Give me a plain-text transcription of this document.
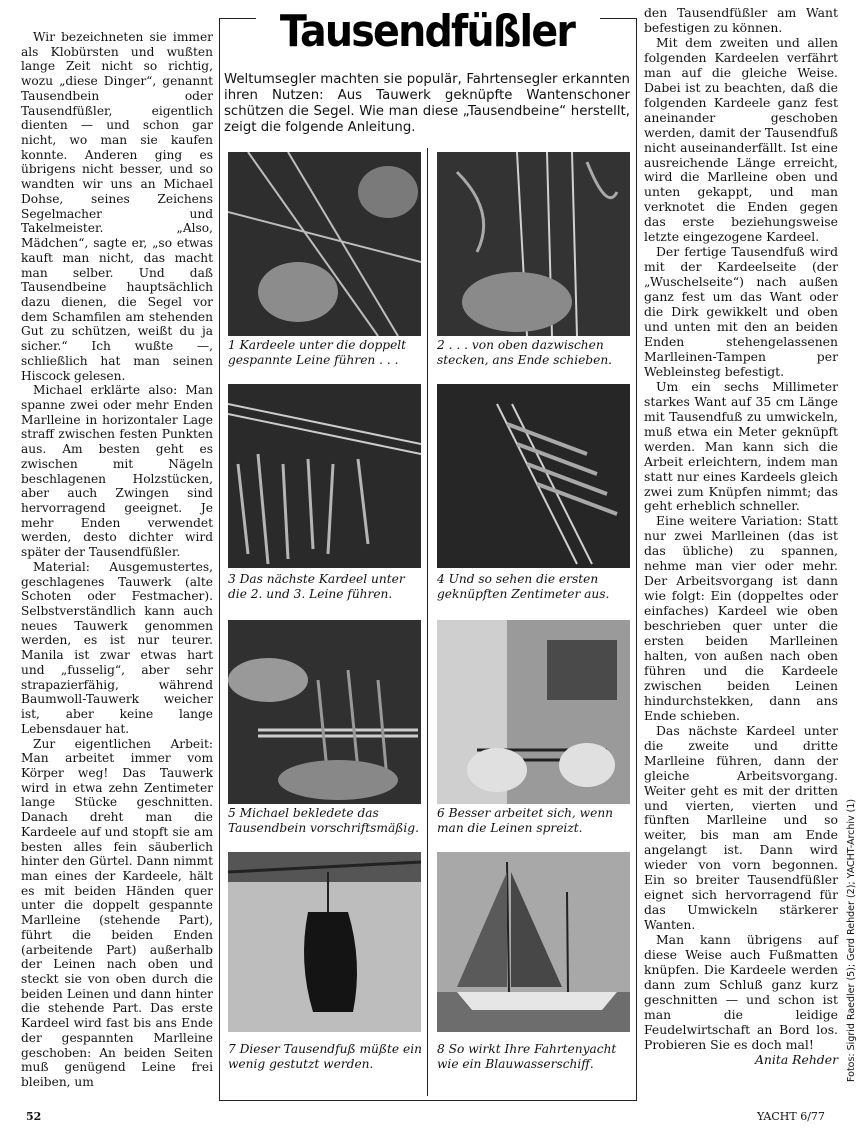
Wir bezeichneten sie immer als Klobürsten und wußten lange Zeit nicht so richtig, wozu „diese Dinger“, genannt Tausendbein oder Tausendfüßler, eigentlich dienten — und schon gar nicht, wo man sie kaufen konnte. Anderen ging es übrigens nicht besser, und so wandten wir uns an Michael Dohse, seines Zeichens Segelmacher und Takelmeister. „Also, Mädchen“, sagte er, „so etwas kauft man nicht, das macht man selber. Und daß Tausendbeine hauptsächlich dazu dienen, die Segel vor dem Schamfilen am stehenden Gut zu schützen, weißt du ja sicher.“ Ich wußte —, schließlich hat man seinen Hiscock gelesen.

Michael erklärte also: Man spanne zwei oder mehr Enden Marlleine in horizontaler Lage straff zwischen festen Punkten aus. Am besten geht es zwischen mit Nägeln beschlagenen Holzstücken, aber auch Zwingen sind hervorragend geeignet. Je mehr Enden verwendet werden, desto dichter wird später der Tausendfüßler.

Material: Ausgemustertes, geschlagenes Tauwerk (alte Schoten oder Festmacher). Selbstverständlich kann auch neues Tauwerk genommen werden, es ist nur teurer. Manila ist zwar etwas hart und „fusselig“, aber sehr strapazierfähig, während Baumwoll-Tauwerk weicher ist, aber keine lange Lebensdauer hat.

Zur eigentlichen Arbeit: Man arbeitet immer vom Körper weg! Das Tauwerk wird in etwa zehn Zentimeter lange Stücke geschnitten. Danach dreht man die Kardeele auf und stopft sie am besten alles fein säuberlich hinter den Gürtel. Dann nimmt man eines der Kardeele, hält es mit beiden Händen quer unter die doppelt gespannte Marlleine (stehende Part), führt die beiden Enden (arbeitende Part) außerhalb der Leinen nach oben und steckt sie von oben durch die beiden Leinen und dann hinter die stehende Part. Das erste Kardeel wird fast bis ans Ende der gespannten Marlleine geschoben: An beiden Seiten muß genügend Leine frei bleiben, um

Tausendfüßler
Weltumsegler machten sie populär, Fahrtensegler erkannten ihren Nutzen: Aus Tauwerk geknüpfte Wantenschoner schützen die Segel. Wie man diese „Tausendbeine“ herstellt, zeigt die folgende Anleitung.
1 Kardeele unter die doppelt gespannte Leine führen . . .
2 . . . von oben dazwischen stecken, ans Ende schieben.
3 Das nächste Kardeel unter die 2. und 3. Leine führen.
4 Und so sehen die ersten geknüpften Zentimeter aus.
5 Michael bekledete das Tausendbein vorschriftsmäßig.
6 Besser arbeitet sich, wenn man die Leinen spreizt.
7 Dieser Tausendfuß müßte ein wenig gestutzt werden.
8 So wirkt Ihre Fahrtenyacht wie ein Blauwasserschiff.

den Tausendfüßler am Want befestigen zu können.

Mit dem zweiten und allen folgenden Kardeelen verfährt man auf die gleiche Weise. Dabei ist zu beachten, daß die folgenden Kardeele ganz fest aneinander geschoben werden, damit der Tausendfuß nicht auseinanderfällt. Ist eine ausreichende Länge erreicht, wird die Marlleine oben und unten gekappt, und man verknotet die Enden gegen das erste beziehungsweise letzte eingezogene Kardeel.

Der fertige Tausendfuß wird mit der Kardeelseite (der „Wuschelseite“) nach außen ganz fest um das Want oder die Dirk gewikkelt und oben und unten mit den an beiden Enden stehengelassenen Marlleinen-Tampen per Webleinsteg befestigt.

Um ein sechs Millimeter starkes Want auf 35 cm Länge mit Tausendfuß zu umwickeln, muß etwa ein Meter geknüpft werden. Man kann sich die Arbeit erleichtern, indem man statt nur eines Kardeels gleich zwei zum Knüpfen nimmt; das geht erheblich schneller.

Eine weitere Variation: Statt nur zwei Marlleinen (das ist das übliche) zu spannen, nehme man vier oder mehr. Der Arbeitsvorgang ist dann wie folgt: Ein (doppeltes oder einfaches) Kardeel wie oben beschrieben quer unter die ersten beiden Marlleinen halten, von außen nach oben führen und die Kardeele zwischen beiden Leinen hindurchstekken, dann ans Ende schieben.

Das nächste Kardeel unter die zweite und dritte Marlleine führen, dann der gleiche Arbeitsvorgang. Weiter geht es mit der dritten und vierten, vierten und fünften Marlleine und so weiter, bis man am Ende angelangt ist. Dann wird wieder von vorn begonnen. Ein so breiter Tausendfüßler eignet sich hervorragend für das Umwickeln stärkerer Wanten.

Man kann übrigens auf diese Weise auch Fußmatten knüpfen. Die Kardeele werden dann zum Schluß ganz kurz geschnitten — und schon ist man die leidige Feudelwirtschaft an Bord los. Probieren Sie es doch mal!

Anita Rehder Fotos: Sigrid Raedler (5); Gerd Rehder (2); YACHT-Archiv (1)
52	YACHT 6/77
